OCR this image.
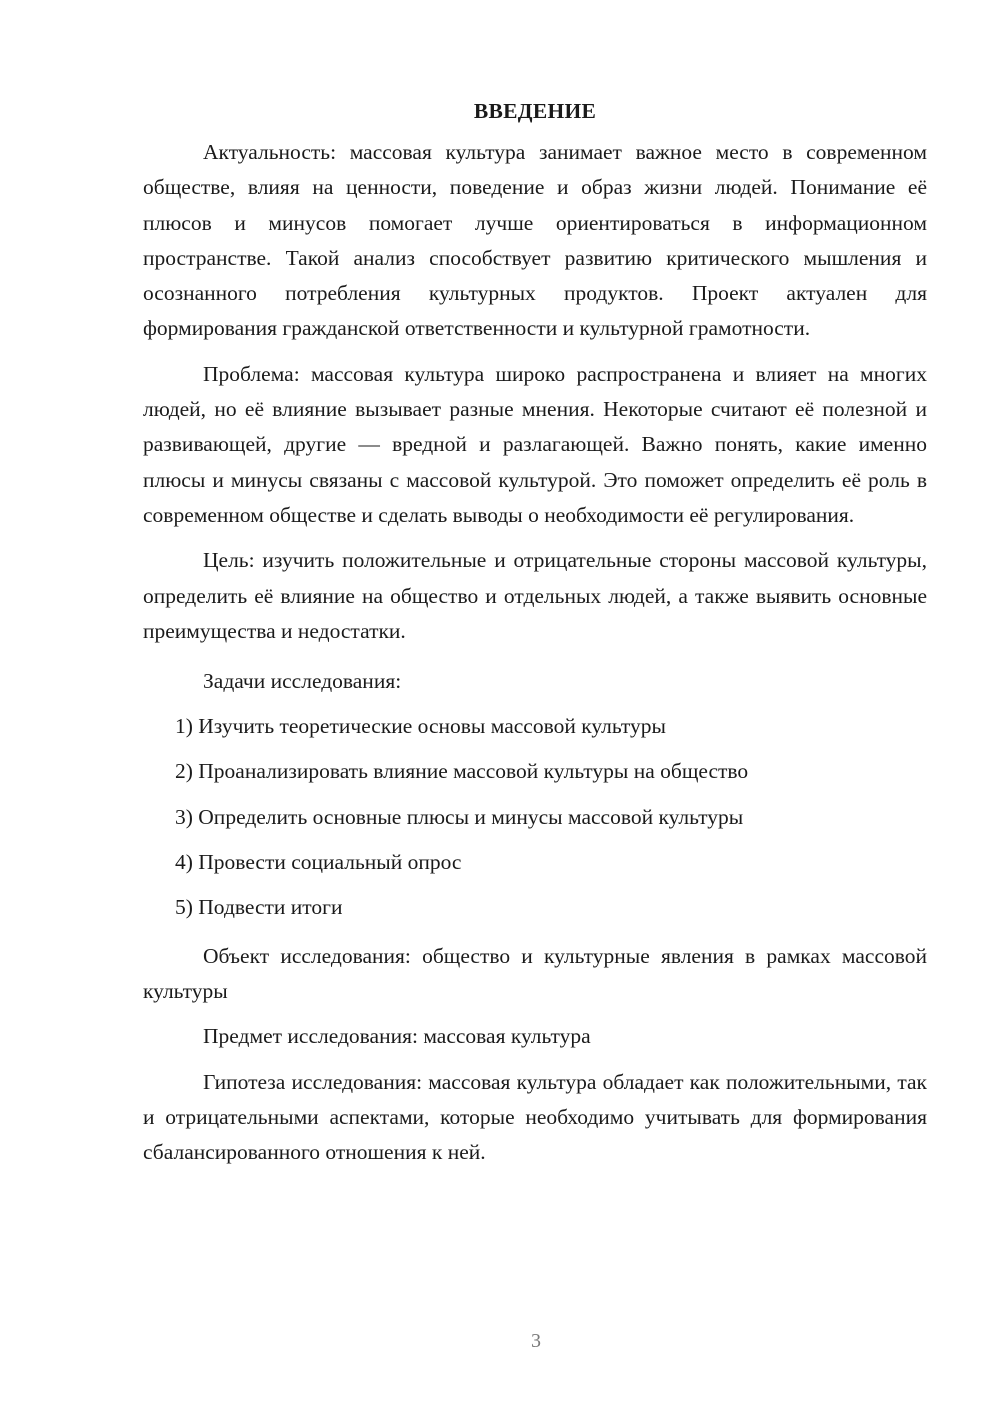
ВВЕДЕНИЕ

Актуальность: массовая культура занимает важное место в современном обществе, влияя на ценности, поведение и образ жизни людей. Понимание её плюсов и минусов помогает лучше ориентироваться в информационном пространстве. Такой анализ способствует развитию критического мышления и осознанного потребления культурных продуктов. Проект актуален для формирования гражданской ответственности и культурной грамотности.

Проблема: массовая культура широко распространена и влияет на многих людей, но её влияние вызывает разные мнения. Некоторые считают её полезной и развивающей, другие — вредной и разлагающей. Важно понять, какие именно плюсы и минусы связаны с массовой культурой. Это поможет определить её роль в современном обществе и сделать выводы о необходимости её регулирования.

Цель: изучить положительные и отрицательные стороны массовой культуры, определить её влияние на общество и отдельных людей, а также выявить основные преимущества и недостатки.

Задачи исследования:

1) Изучить теоретические основы массовой культуры
2) Проанализировать влияние массовой культуры на общество
3) Определить основные плюсы и минусы массовой культуры
4) Провести социальный опрос
5) Подвести итоги

Объект исследования: общество и культурные явления в рамках массовой культуры

Предмет исследования: массовая культура

Гипотеза исследования: массовая культура обладает как положительными, так и отрицательными аспектами, которые необходимо учитывать для формирования сбалансированного отношения к ней.

3
